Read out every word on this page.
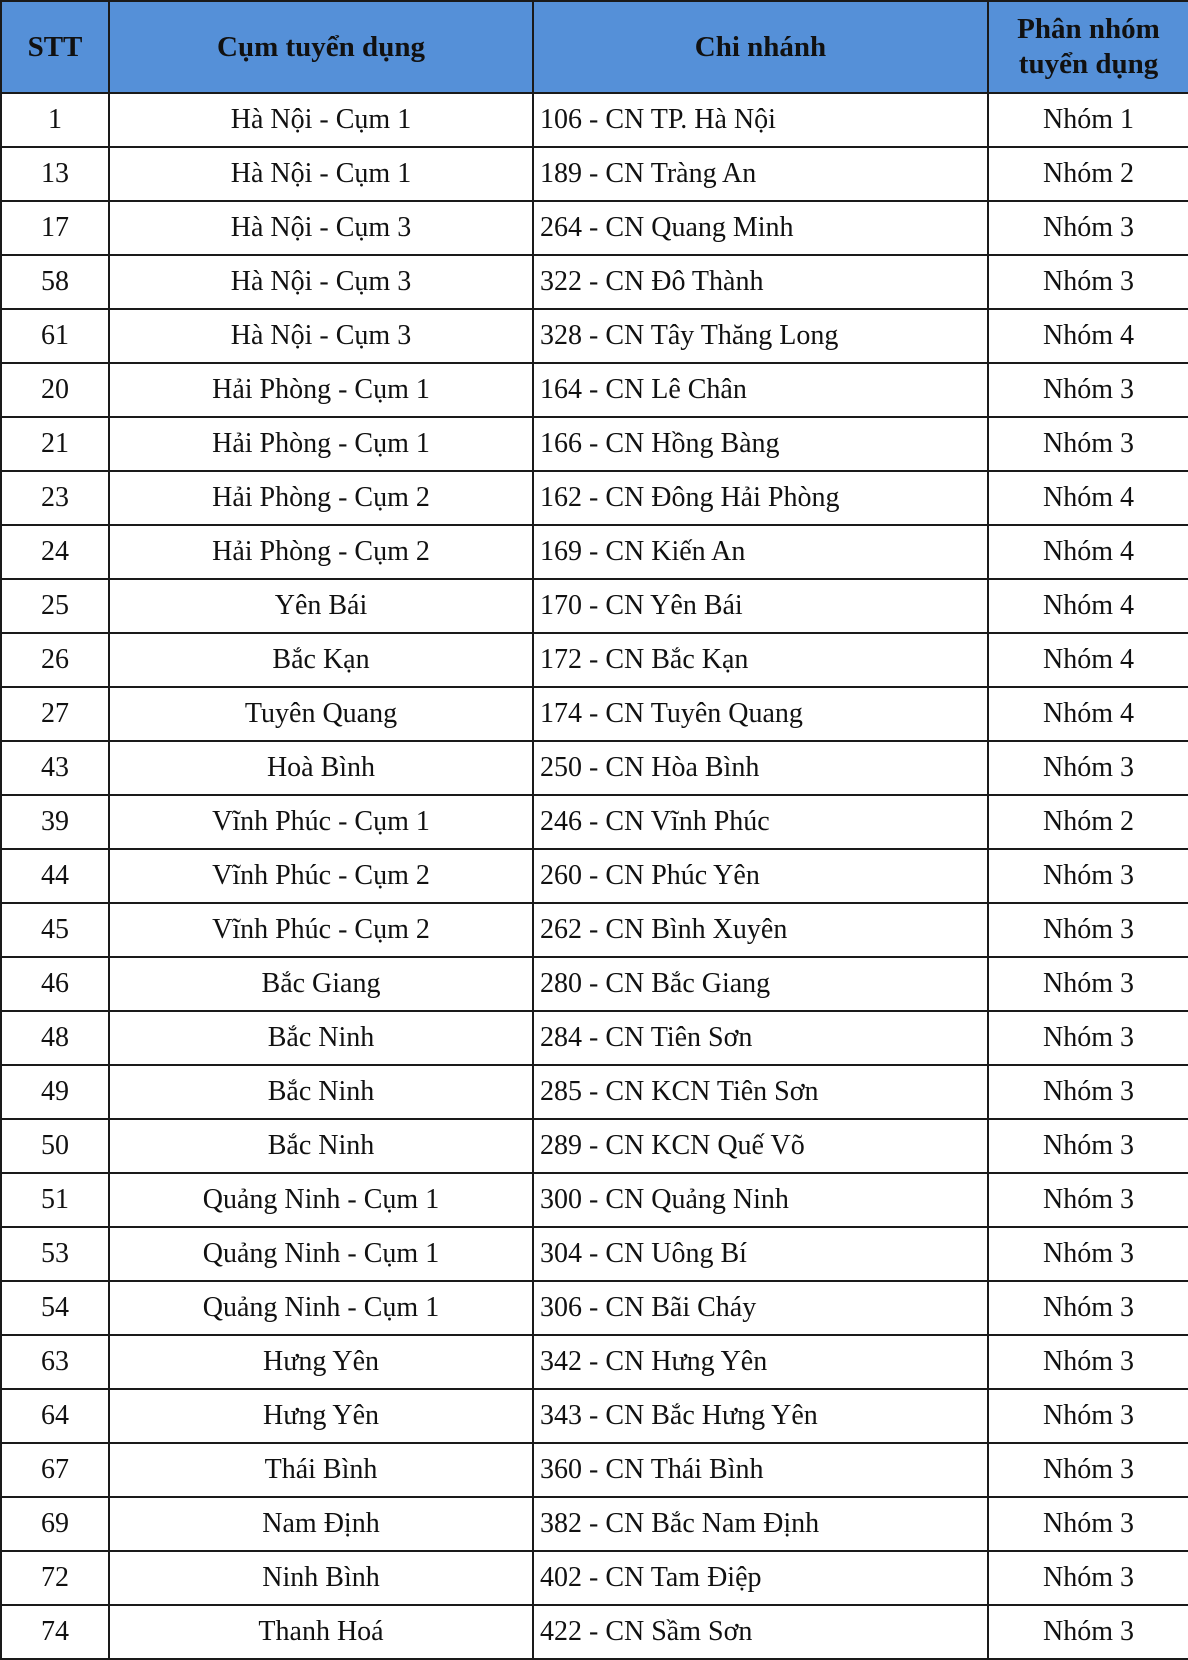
STT	Cụm tuyển dụng	Chi nhánh	Phân nhóm tuyển dụng

1	Hà Nội - Cụm 1	106 - CN TP. Hà Nội	Nhóm 1
13	Hà Nội - Cụm 1	189 - CN Tràng An	Nhóm 2
17	Hà Nội - Cụm 3	264 - CN Quang Minh	Nhóm 3
58	Hà Nội - Cụm 3	322 - CN Đô Thành	Nhóm 3
61	Hà Nội - Cụm 3	328 - CN Tây Thăng Long	Nhóm 4
20	Hải Phòng - Cụm 1	164 - CN Lê Chân	Nhóm 3
21	Hải Phòng - Cụm 1	166 - CN Hồng Bàng	Nhóm 3
23	Hải Phòng - Cụm 2	162 - CN Đông Hải Phòng	Nhóm 4
24	Hải Phòng - Cụm 2	169 - CN Kiến An	Nhóm 4
25	Yên Bái	170 - CN Yên Bái	Nhóm 4
26	Bắc Kạn	172 - CN Bắc Kạn	Nhóm 4
27	Tuyên Quang	174 - CN Tuyên Quang	Nhóm 4
43	Hoà Bình	250 - CN Hòa Bình	Nhóm 3
39	Vĩnh Phúc - Cụm 1	246 - CN Vĩnh Phúc	Nhóm 2
44	Vĩnh Phúc - Cụm 2	260 - CN Phúc Yên	Nhóm 3
45	Vĩnh Phúc - Cụm 2	262 - CN Bình Xuyên	Nhóm 3
46	Bắc Giang	280 - CN Bắc Giang	Nhóm 3
48	Bắc Ninh	284 - CN Tiên Sơn	Nhóm 3
49	Bắc Ninh	285 - CN KCN Tiên Sơn	Nhóm 3
50	Bắc Ninh	289 - CN KCN Quế Võ	Nhóm 3
51	Quảng Ninh - Cụm 1	300 - CN Quảng Ninh	Nhóm 3
53	Quảng Ninh - Cụm 1	304 - CN Uông Bí	Nhóm 3
54	Quảng Ninh - Cụm 1	306 - CN Bãi Cháy	Nhóm 3
63	Hưng Yên	342 - CN Hưng Yên	Nhóm 3
64	Hưng Yên	343 - CN Bắc Hưng Yên	Nhóm 3
67	Thái Bình	360 - CN Thái Bình	Nhóm 3
69	Nam Định	382 - CN Bắc Nam Định	Nhóm 3
72	Ninh Bình	402 - CN Tam Điệp	Nhóm 3
74	Thanh Hoá	422 - CN Sầm Sơn	Nhóm 3
